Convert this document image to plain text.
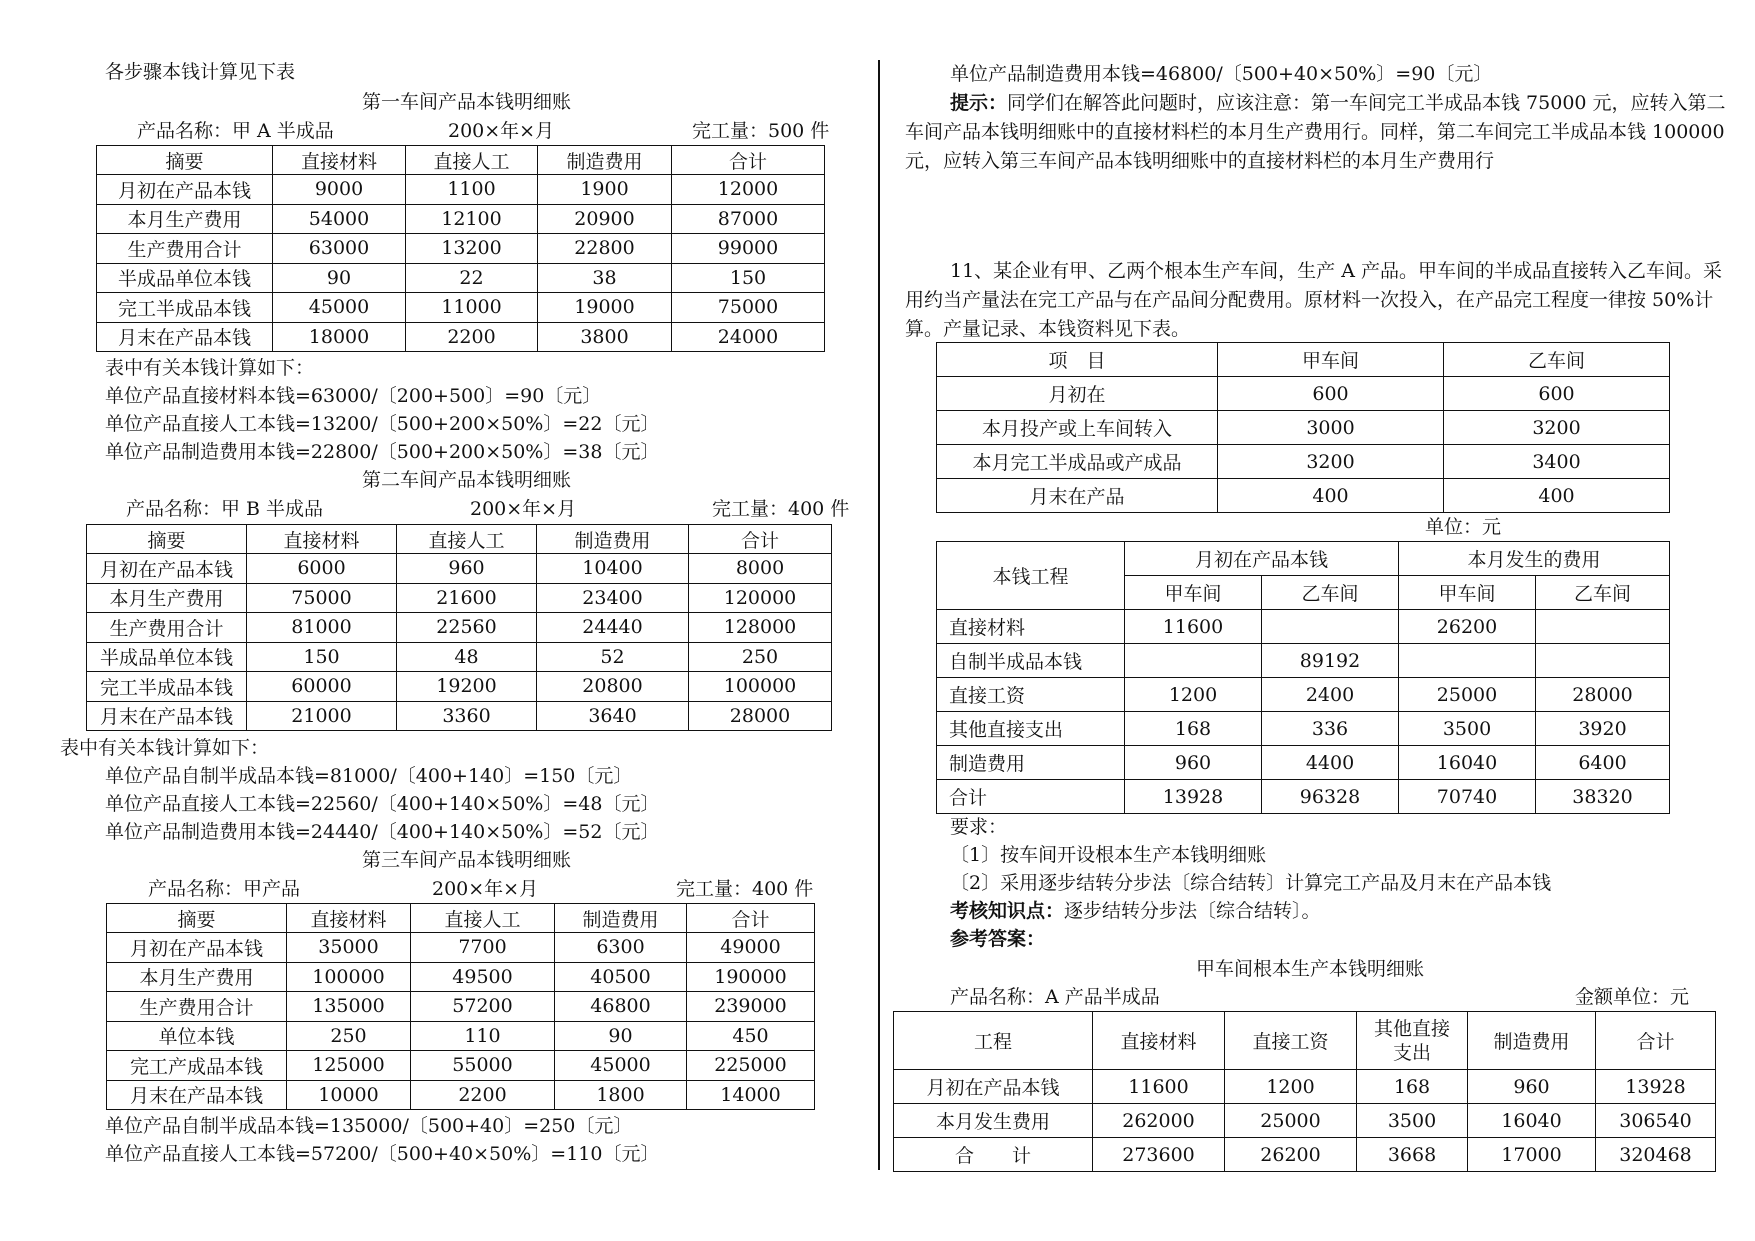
各步骤本钱计算见下表
第一车间产品本钱明细账
产品名称：甲 A 半成品	200×年×月	完工量：500 件
摘要	直接材料	直接人工	制造费用	合计
月初在产品本钱	9000	1100	1900	12000
本月生产费用	54000	12100	20900	87000
生产费用合计	63000	13200	22800	99000
半成品单位本钱	90	22	38	150
完工半成品本钱	45000	11000	19000	75000
月末在产品本钱	18000	2200	3800	24000
表中有关本钱计算如下：
单位产品直接材料本钱=63000/〔200+500〕=90〔元〕
单位产品直接人工本钱=13200/〔500+200×50%〕=22〔元〕
单位产品制造费用本钱=22800/〔500+200×50%〕=38〔元〕
第二车间产品本钱明细账
产品名称：甲 B 半成品	200×年×月	完工量：400 件
摘要	直接材料	直接人工	制造费用	合计
月初在产品本钱	6000	960	10400	8000
本月生产费用	75000	21600	23400	120000
生产费用合计	81000	22560	24440	128000
半成品单位本钱	150	48	52	250
完工半成品本钱	60000	19200	20800	100000
月末在产品本钱	21000	3360	3640	28000
表中有关本钱计算如下：
单位产品自制半成品本钱=81000/〔400+140〕=150〔元〕
单位产品直接人工本钱=22560/〔400+140×50%〕=48〔元〕
单位产品制造费用本钱=24440/〔400+140×50%〕=52〔元〕
第三车间产品本钱明细账
产品名称：甲产品	200×年×月	完工量：400 件
摘要	直接材料	直接人工	制造费用	合计
月初在产品本钱	35000	7700	6300	49000
本月生产费用	100000	49500	40500	190000
生产费用合计	135000	57200	46800	239000
单位本钱	250	110	90	450
完工产成品本钱	125000	55000	45000	225000
月末在产品本钱	10000	2200	1800	14000
单位产品自制半成品本钱=135000/〔500+40〕=250〔元〕
单位产品直接人工本钱=57200/〔500+40×50%〕=110〔元〕
单位产品制造费用本钱=46800/〔500+40×50%〕=90〔元〕
提示：同学们在解答此问题时，应该注意：第一车间完工半成品本钱 75000 元，应转入第二车间产品本钱明细账中的直接材料栏的本月生产费用行。同样，第二车间完工半成品本钱 100000 元，应转入第三车间产品本钱明细账中的直接材料栏的本月生产费用行
11、某企业有甲、乙两个根本生产车间，生产 A 产品。甲车间的半成品直接转入乙车间。采用约当产量法在完工产品与在产品间分配费用。原材料一次投入，在产品完工程度一律按 50%计算。产量记录、本钱资料见下表。
项　目	甲车间	乙车间
月初在	600	600
本月投产或上车间转入	3000	3200
本月完工半成品或产成品	3200	3400
月末在产品	400	400
单位：元
本钱工程	月初在产品本钱		本月发生的费用	
	甲车间	乙车间	甲车间	乙车间
直接材料	11600		26200	
自制半成品本钱		89192		
直接工资	1200	2400	25000	28000
其他直接支出	168	336	3500	3920
制造费用	960	4400	16040	6400
合计	13928	96328	70740	38320
要求：
〔1〕按车间开设根本生产本钱明细账
〔2〕采用逐步结转分步法〔综合结转〕计算完工产品及月末在产品本钱
考核知识点：逐步结转分步法〔综合结转〕。
参考答案：
甲车间根本生产本钱明细账
产品名称：A 产品半成品	金额单位：元
工程	直接材料	直接工资	其他直接支出	制造费用	合计
月初在产品本钱	11600	1200	168	960	13928
本月发生费用	262000	25000	3500	16040	306540
合　　计	273600	26200	3668	17000	320468
